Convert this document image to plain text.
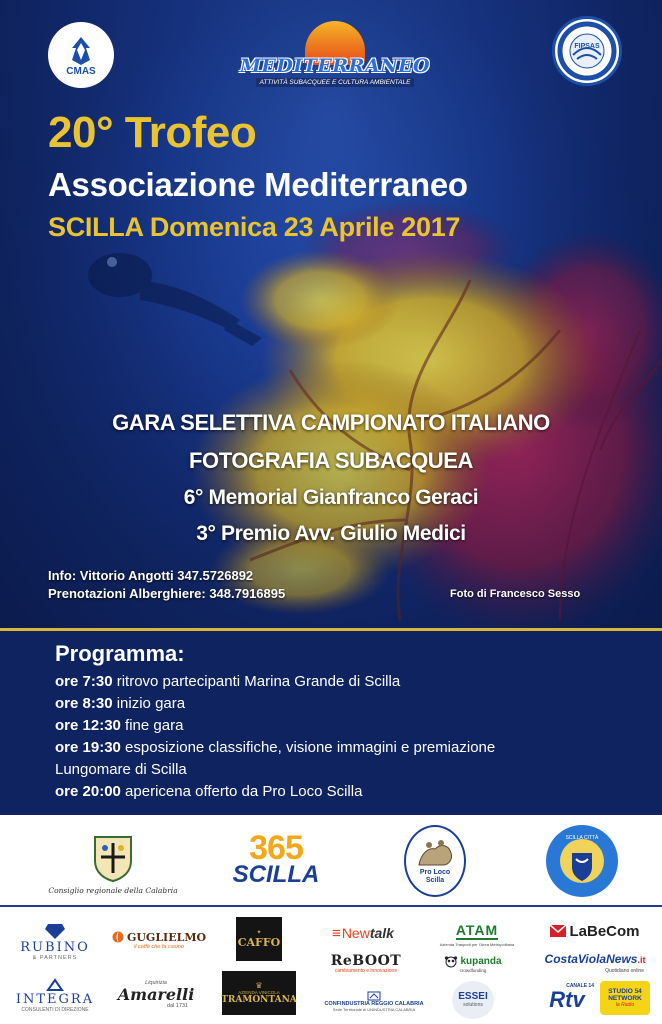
CMAS	MEDITERRANEO
ATTIVITÀ SUBACQUEE E CULTURA AMBIENTALE
FIPSAS
20° Trofeo
Associazione Mediterraneo
SCILLA Domenica 23 Aprile 2017
GARA SELETTIVA CAMPIONATO ITALIANO
FOTOGRAFIA SUBACQUEA
6° Memorial Gianfranco Geraci
3° Premio Avv. Giulio Medici
Info: Vittorio Angotti 347.5726892
Prenotazioni Alberghiere: 348.7916895	Foto di Francesco Sesso
Programma:
ore 7:30 ritrovo partecipanti Marina Grande di Scilla
ore 8:30 inizio gara
ore 12:30 fine gara
ore 19:30 esposizione classifiche, visione immagini e premiazione
Lungomare di Scilla
ore 20:00 apericena offerto da Pro Loco Scilla
Consiglio regionale della Calabria
365
SCILLA	Pro Loco Scilla
SCILLA CITTÀ
RUBINO
& PARTNERS
GUGLIELMO
il caffè che fa casino
✦
CAFFO
≡ New talk	ATAM
Azienda Trasporti per l'Area Metropolitana
LaBeCom
ReBOOT
cambiamento e innovazione
kupanda
crowdfunding
CostaViolaNews.it
Quotidiano online
INTEGRA
CONSULENTI DI DIREZIONE
Liquirizia
Amarelli
dal 1731
♛
AZIENDA VINICOLA
TRAMONTANA	CONFINDUSTRIA REGGIO CALABRIA
Sede Territoriale di UNINDUSTRIA CALABRIA
ESSEI
solutions
CANALE 14
Rtv	STUDIO 54 NETWORK
la Radio
